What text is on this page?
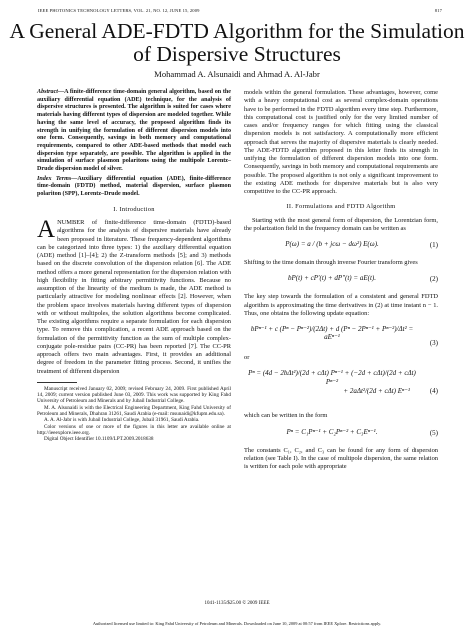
IEEE PHOTONICS TECHNOLOGY LETTERS, VOL. 21, NO. 12, JUNE 15, 2009	817
A General ADE-FDTD Algorithm for the Simulation of Dispersive Structures
Mohammad A. Alsunaidi and Ahmad A. Al-Jabr

Abstract—A finite-difference time-domain general algorithm, based on the auxiliary differential equation (ADE) technique, for the analysis of dispersive structures is presented. The algorithm is suited for cases where materials having different types of dispersion are modeled together. While having the same level of accuracy, the proposed algorithm finds its strength in unifying the formulation of different dispersion models into one form. Consequently, savings in both memory and computational requirements, compared to other ADE-based methods that model each dispersion type separately, are possible. The algorithm is applied in the simulation of surface plasmon polaritons using the multipole Lorentz–Drude dispersion model of silver.

Index Terms—Auxiliary differential equation (ADE), finite-difference time-domain (FDTD) method, material dispersion, surface plasmon polariton (SPP), Lorentz–Drude model.

I. Introduction
ANUMBER of finite-difference time-domain (FDTD)-based algorithms for the analysis of dispersive materials have already been proposed in literature. These frequency-dependent algorithms can be categorized into three types: 1) the auxiliary differential equation (ADE) method [1]–[4]; 2) the Z-transform methods [5]; and 3) methods based on the discrete convolution of the dispersion relation [6]. The ADE method offers a more general representation for the dispersion relation with high flexibility in fitting arbitrary permittivity functions. Because no assumption of the linearity of the medium is made, the ADE method is particularly attractive for modeling nonlinear effects [2]. However, when the problem space involves materials having different types of dispersion with or without multipoles, the solution algorithms become complicated. The existing algorithms require a separate formulation for each dispersion type. To remove this complication, a recent ADE approach based on the formulation of the permittivity function as the sum of multiple complex-conjugate pole-residue pairs (CC-PR) has been reported [7]. The CC-PR approach offers two main advantages. First, it provides an additional degree of freedom in the parameter fitting process. Second, it unifies the treatment of different dispersion

Manuscript received January 02, 2009; revised February 24, 2009. First published April 14, 2009; current version published June 03, 2009. This work was supported by King Fahd University of Petroleum and Minerals and by Jubail Industrial College.

M. A. Alsunaidi is with the Electrical Engineering Department, King Fahd University of Petroleum and Minerals, Dhahran 31261, Saudi Arabia (e-mail: msunaidi@kfupm.edu.sa).

A. A. Al-Jabr is with Jubail Industrial College, Jubail 31961, Saudi Arabia.

Color versions of one or more of the figures in this letter are available online at http://ieeexplore.ieee.org.

Digital Object Identifier 10.1109/LPT.2009.2018638

models within the general formulation. These advantages, however, come with a heavy computational cost as several complex-domain operations have to be performed in the FDTD algorithm every time step. Furthermore, this computational cost is justified only for the very limited number of cases and/or frequency ranges for which fitting using the classical dispersion models is not satisfactory. A computationally more efficient approach that serves the majority of dispersive materials is clearly needed. The ADE-FDTD algorithm proposed in this letter finds its strength in unifying the formulation of different dispersion models into one form. Consequently, savings in both memory and computational requirements are possible. The proposed algorithm is not only a significant improvement to the existing ADE methods for dispersive materials but is also very competitive to the CC-PR approach.

II. Formulations and FDTD Algorithm

Starting with the most general form of dispersion, the Lorentzian form, the polarization field in the frequency domain can be written as

P(ω) = a / (b + jcω − dω²) E(ω).	(1)

Shifting to the time domain through inverse Fourier transform gives

bP(t) + cP′(t) + dP″(t) = aE(t).	(2)

The key step towards the formulation of a consistent and general FDTD algorithm is approximating the time derivatives in (2) at time instant n − 1. Thus, one obtains the following update equation:

bPⁿ⁻¹ + c (Pⁿ − Pⁿ⁻²)/(2Δt) + d (Pⁿ − 2Pⁿ⁻¹ + Pⁿ⁻²)/Δt² = aEⁿ⁻¹
(3)

or

Pⁿ = (4d − 2bΔt²)/(2d + cΔt) Pⁿ⁻¹ + (−2d + cΔt)/(2d + cΔt) Pⁿ⁻²
+ 2aΔt²/(2d + cΔt) Eⁿ⁻¹	(4)

which can be written in the form

Pⁿ = C₁Pⁿ⁻¹ + C₂Pⁿ⁻² + C₃Eⁿ⁻¹.	(5)

The constants C₁, C₂, and C₃ can be found for any form of dispersion relation (see Table I). In the case of multipole dispersion, the same relation is written for each pole with appropriate

1041-1135/$25.00 © 2009 IEEE
Authorized licensed use limited to: King Fahd University of Petroleum and Minerals. Downloaded on June 10, 2009 at 00:57 from IEEE Xplore. Restrictions apply.
